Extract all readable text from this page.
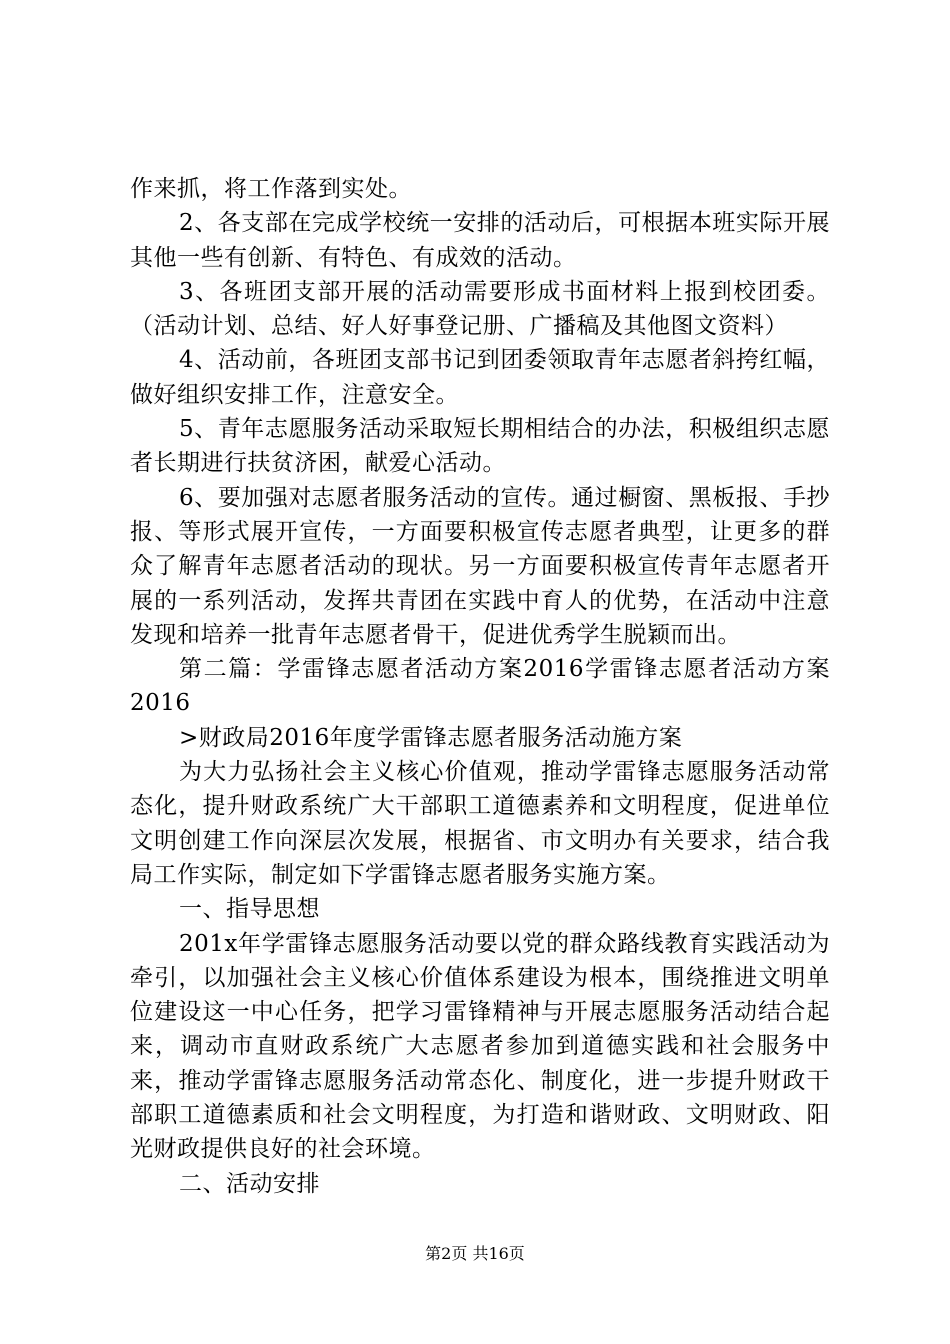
作来抓，将工作落到实处。

2、各支部在完成学校统一安排的活动后，可根据本班实际开展其他一些有创新、有特色、有成效的活动。

3、各班团支部开展的活动需要形成书面材料上报到校团委。（活动计划、总结、好人好事登记册、广播稿及其他图文资料）

4、活动前，各班团支部书记到团委领取青年志愿者斜挎红幅，做好组织安排工作，注意安全。

5、青年志愿服务活动采取短长期相结合的办法，积极组织志愿者长期进行扶贫济困，献爱心活动。

6、要加强对志愿者服务活动的宣传。通过橱窗、黑板报、手抄报、等形式展开宣传，一方面要积极宣传志愿者典型，让更多的群众了解青年志愿者活动的现状。另一方面要积极宣传青年志愿者开展的一系列活动，发挥共青团在实践中育人的优势，在活动中注意发现和培养一批青年志愿者骨干，促进优秀学生脱颖而出。

第二篇：学雷锋志愿者活动方案2016学雷锋志愿者活动方案2016

>财政局2016年度学雷锋志愿者服务活动施方案

为大力弘扬社会主义核心价值观，推动学雷锋志愿服务活动常态化，提升财政系统广大干部职工道德素养和文明程度，促进单位文明创建工作向深层次发展，根据省、市文明办有关要求，结合我局工作实际，制定如下学雷锋志愿者服务实施方案。

一、指导思想

201x年学雷锋志愿服务活动要以党的群众路线教育实践活动为牵引，以加强社会主义核心价值体系建设为根本，围绕推进文明单位建设这一中心任务，把学习雷锋精神与开展志愿服务活动结合起来，调动市直财政系统广大志愿者参加到道德实践和社会服务中来，推动学雷锋志愿服务活动常态化、制度化，进一步提升财政干部职工道德素质和社会文明程度，为打造和谐财政、文明财政、阳光财政提供良好的社会环境。

二、活动安排

第2页 共16页
